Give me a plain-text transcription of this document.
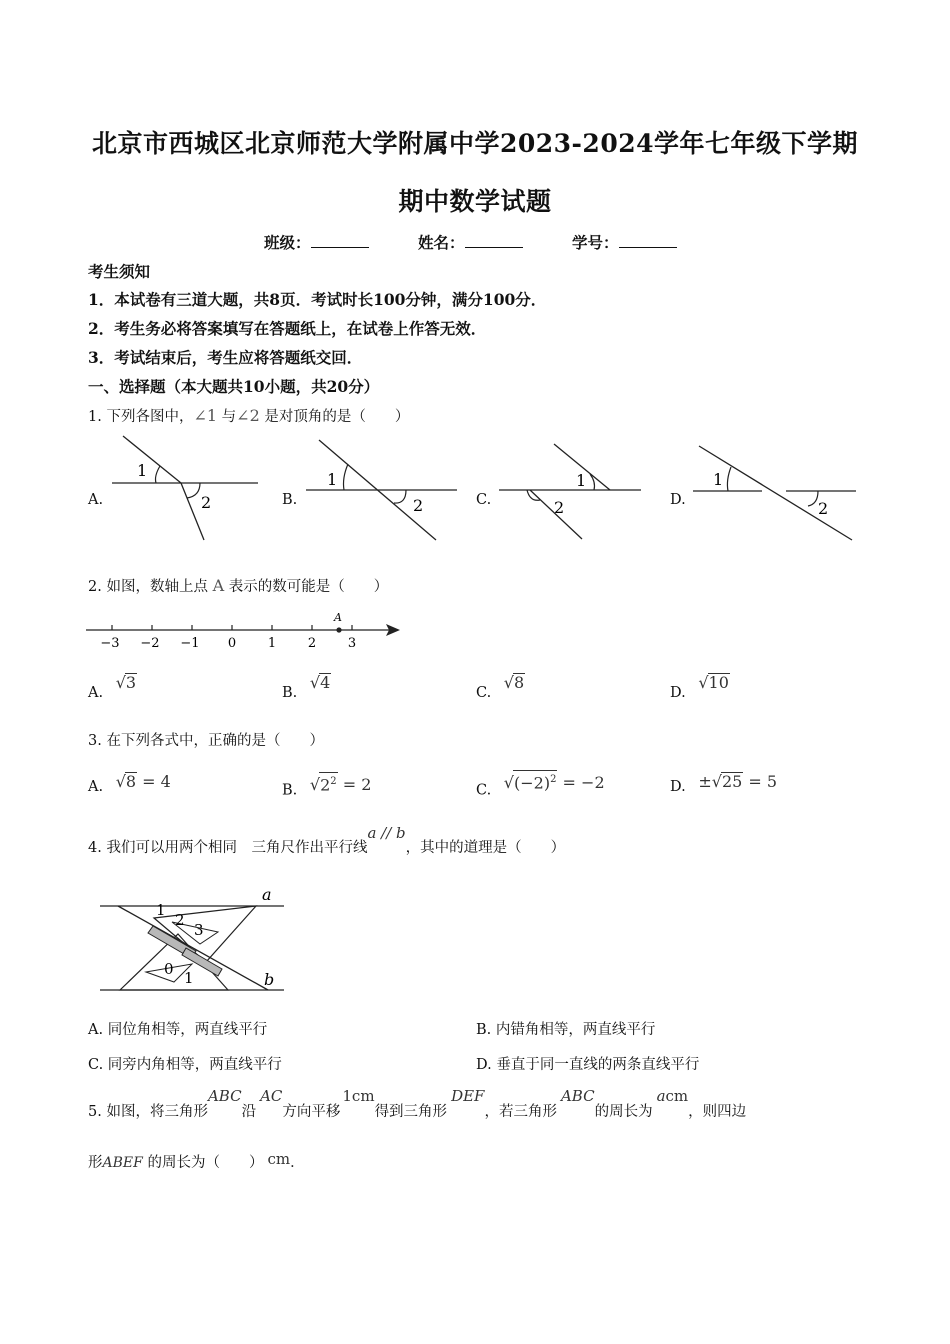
北京市西城区北京师范大学附属中学2023-2024学年七年级下学期
期中数学试题
班级：	姓名：	学号：
考生须知
1．本试卷有三道大题，共8页．考试时长100分钟，满分100分．
2．考生务必将答案填写在答题纸上，在试卷上作答无效．
3．考试结束后，考生应将答题纸交回．
一、选择题（本大题共10小题，共20分）
1. 下列各图中，∠1 与∠2 是对顶角的是（　　）
A.
1
2	B.
1
2	C.
1
2	D.
1
2
2. 如图，数轴上点 A 表示的数可能是（　　）
A
−3 −2 −1 0 1 2 3
A. √3
B. √4
C. √8
D. √10
3. 在下列各式中，正确的是（　　）
A. √8 = 4	B. $√2^2 = 2$	C. $√(-2)^2 = -2$	D. ±√25 = 5
4. 我们可以用两个相同　三角尺作出平行线a // b，其中的道理是（　　）
a
b
1
2
3
0 1
A. 同位角相等，两直线平行	B. 内错角相等，两直线平行
C. 同旁内角相等，两直线平行	D. 垂直于同一直线的两条直线平行
5. 如图，将三角形ABC沿AC方向平移1cm得到三角形DEF，若三角形ABC的周长为acm，则四边
形ABEF 的周长为（　　） cm．
